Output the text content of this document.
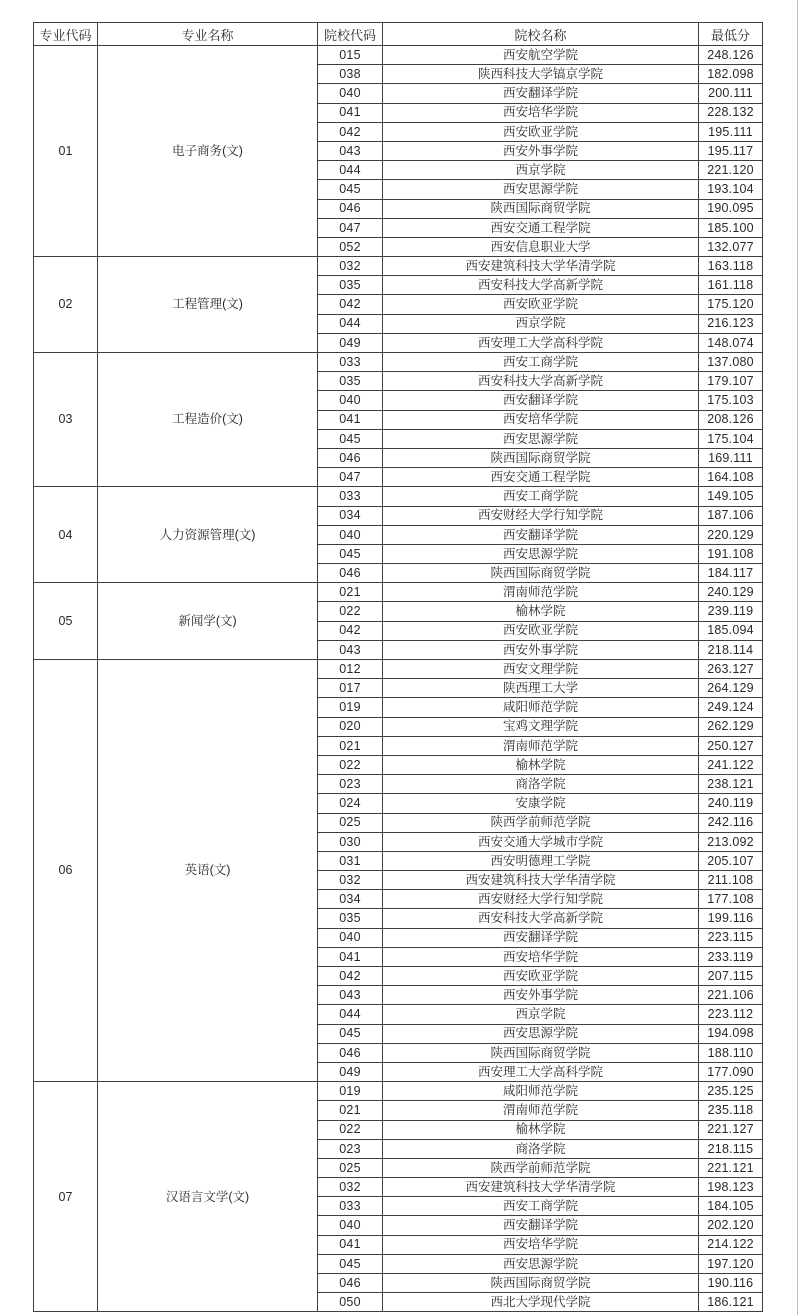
专业代码	专业名称	院校代码	院校名称	最低分
01	电子商务(文)	015	西安航空学院	248.126
		038	陕西科技大学镐京学院	182.098
		040	西安翻译学院	200.111
		041	西安培华学院	228.132
		042	西安欧亚学院	195.111
		043	西安外事学院	195.117
		044	西京学院	221.120
		045	西安思源学院	193.104
		046	陕西国际商贸学院	190.095
		047	西安交通工程学院	185.100
		052	西安信息职业大学	132.077
02	工程管理(文)	032	西安建筑科技大学华清学院	163.118
		035	西安科技大学高新学院	161.118
		042	西安欧亚学院	175.120
		044	西京学院	216.123
		049	西安理工大学高科学院	148.074
03	工程造价(文)	033	西安工商学院	137.080
		035	西安科技大学高新学院	179.107
		040	西安翻译学院	175.103
		041	西安培华学院	208.126
		045	西安思源学院	175.104
		046	陕西国际商贸学院	169.111
		047	西安交通工程学院	164.108
04	人力资源管理(文)	033	西安工商学院	149.105
		034	西安财经大学行知学院	187.106
		040	西安翻译学院	220.129
		045	西安思源学院	191.108
		046	陕西国际商贸学院	184.117
05	新闻学(文)	021	渭南师范学院	240.129
		022	榆林学院	239.119
		042	西安欧亚学院	185.094
		043	西安外事学院	218.114
06	英语(文)	012	西安文理学院	263.127
		017	陕西理工大学	264.129
		019	咸阳师范学院	249.124
		020	宝鸡文理学院	262.129
		021	渭南师范学院	250.127
		022	榆林学院	241.122
		023	商洛学院	238.121
		024	安康学院	240.119
		025	陕西学前师范学院	242.116
		030	西安交通大学城市学院	213.092
		031	西安明德理工学院	205.107
		032	西安建筑科技大学华清学院	211.108
		034	西安财经大学行知学院	177.108
		035	西安科技大学高新学院	199.116
		040	西安翻译学院	223.115
		041	西安培华学院	233.119
		042	西安欧亚学院	207.115
		043	西安外事学院	221.106
		044	西京学院	223.112
		045	西安思源学院	194.098
		046	陕西国际商贸学院	188.110
		049	西安理工大学高科学院	177.090
07	汉语言文学(文)	019	咸阳师范学院	235.125
		021	渭南师范学院	235.118
		022	榆林学院	221.127
		023	商洛学院	218.115
		025	陕西学前师范学院	221.121
		032	西安建筑科技大学华清学院	198.123
		033	西安工商学院	184.105
		040	西安翻译学院	202.120
		041	西安培华学院	214.122
		045	西安思源学院	197.120
		046	陕西国际商贸学院	190.116
		050	西北大学现代学院	186.121
